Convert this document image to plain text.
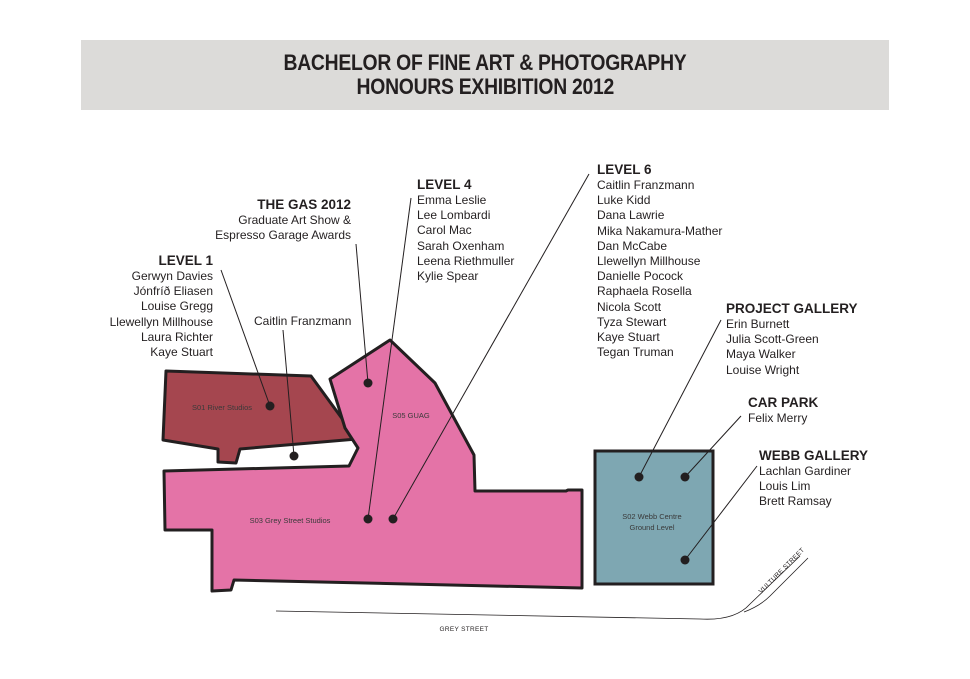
BACHELOR OF FINE ART & PHOTOGRAPHY
HONOURS EXHIBITION 2012
S01 River Studios
S05 GUAG
S03 Grey Street Studios	S02 Webb Centre
Ground Level
GREY STREET
VULTURE STREET
LEVEL 1
Gerwyn Davies
Jónfríð Eliasen
Louise Gregg
Llewellyn Millhouse
Laura Richter
Kaye Stuart
Caitlin Franzmann
THE GAS 2012
Graduate Art Show &
Espresso Garage Awards
LEVEL 4
Emma Leslie
Lee Lombardi
Carol Mac
Sarah Oxenham
Leena Riethmuller
Kylie Spear
LEVEL 6
Caitlin Franzmann
Luke Kidd
Dana Lawrie
Mika Nakamura-Mather
Dan McCabe
Llewellyn Millhouse
Danielle Pocock
Raphaela Rosella
Nicola Scott
Tyza Stewart
Kaye Stuart
Tegan Truman
PROJECT GALLERY
Erin Burnett
Julia Scott-Green
Maya Walker
Louise Wright
CAR PARK
Felix Merry
WEBB GALLERY
Lachlan Gardiner
Louis Lim
Brett Ramsay
